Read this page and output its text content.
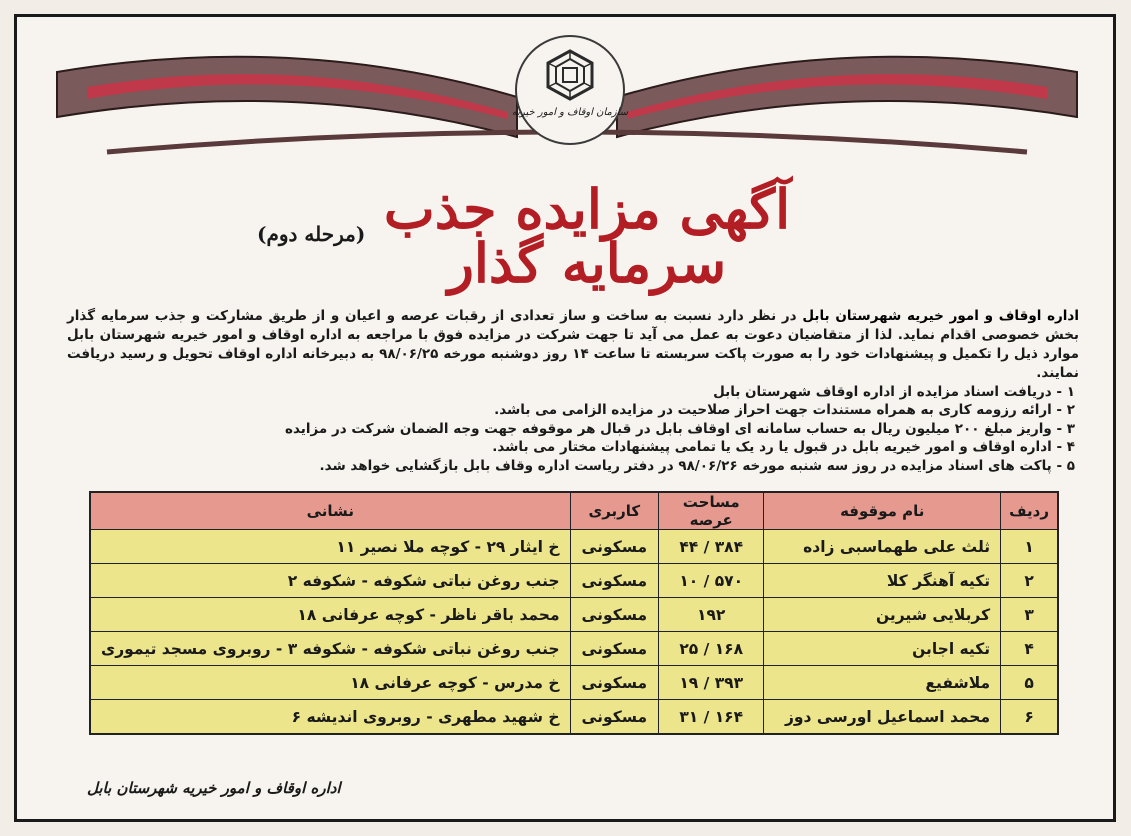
سازمان اوقاف و امور خیریه
آگهی مزایده جذب سرمایه گذار
(مرحله دوم)
اداره اوقاف و امور خیریه شهرستان بابل در نظر دارد نسبت به ساخت و ساز تعدادی از رقبات عرصه و اعیان و از طریق مشارکت و جذب سرمایه گذار بخش خصوصی اقدام نماید. لذا از متقاضیان دعوت به عمل می آید تا جهت شرکت در مزایده فوق با مراجعه به اداره اوقاف و امور خیریه شهرستان بابل موارد ذیل را تکمیل و پیشنهادات خود را به صورت پاکت سربسته تا ساعت ۱۴ روز دوشنبه مورخه ۹۸/۰۶/۲۵ به دبیرخانه اداره اوقاف تحویل و رسید دریافت نمایند.
۱ - دریافت اسناد مزایده از اداره اوقاف شهرستان بابل
۲ - ارائه رزومه کاری به همراه مستندات جهت احراز صلاحیت در مزایده الزامی می باشد.
۳ - واریز مبلغ ۲۰۰ میلیون ریال به حساب سامانه ای اوقاف بابل در قبال هر موقوفه جهت وجه الضمان شرکت در مزایده
۴ - اداره اوقاف و امور خیریه بابل در قبول یا رد یک یا تمامی پیشنهادات مختار می باشد.
۵ - پاکت های اسناد مزایده در روز سه شنبه مورخه ۹۸/۰۶/۲۶ در دفتر ریاست اداره وقاف بابل بازگشایی خواهد شد.
ردیف	نام موقوفه	مساحت عرصه	کاربری	نشانی
۱	ثلث علی طهماسبی زاده	۳۸۴ / ۴۴	مسکونی	خ ایثار ۲۹ - کوچه ملا نصیر ۱۱
۲	تکیه آهنگر کلا	۵۷۰ / ۱۰	مسکونی	جنب روغن نباتی شکوفه - شکوفه ۲
۳	کربلایی شیرین	۱۹۲	مسکونی	محمد باقر ناظر - کوچه عرفانی ۱۸
۴	تکیه اجابن	۱۶۸ / ۲۵	مسکونی	جنب روغن نباتی شکوفه - شکوفه ۳ - روبروی مسجد تیموری
۵	ملاشفیع	۳۹۳ / ۱۹	مسکونی	خ مدرس - کوچه عرفانی ۱۸
۶	محمد اسماعیل اورسی دوز	۱۶۴ / ۳۱	مسکونی	خ شهید مطهری - روبروی اندیشه ۶
اداره اوقاف و امور خیریه شهرستان بابل
